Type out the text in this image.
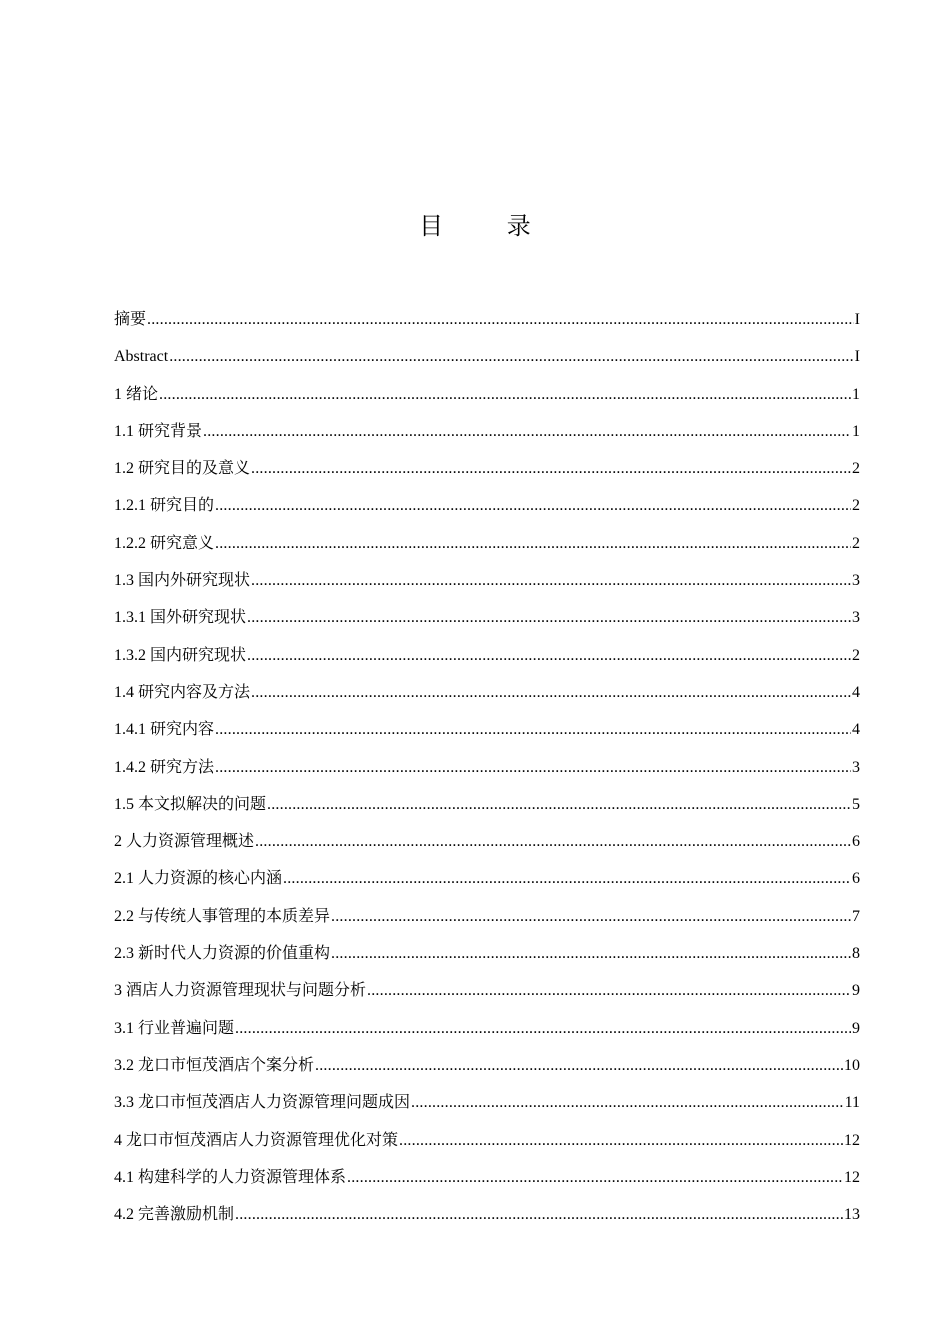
目 录
摘要 .....	I
Abstract .....	I
1 绪论 .....	1
1.1 研究背景 .....	1
1.2 研究目的及意义 .....	2
1.2.1 研究目的 .....	2
1.2.2 研究意义 .....	2
1.3 国内外研究现状 .....	3
1.3.1 国外研究现状 .....	3
1.3.2 国内研究现状 .....	2
1.4 研究内容及方法 .....	4
1.4.1 研究内容 .....	4
1.4.2 研究方法 .....	3
1.5 本文拟解决的问题 .....	5
2 人力资源管理概述 .....	6
2.1 人力资源的核心内涵 .....	6
2.2 与传统人事管理的本质差异 .....	7
2.3 新时代人力资源的价值重构 .....	8
3 酒店人力资源管理现状与问题分析 .....	9
3.1 行业普遍问题 .....	9
3.2 龙口市恒茂酒店个案分析 .....	10
3.3 龙口市恒茂酒店人力资源管理问题成因 .....	11
4 龙口市恒茂酒店人力资源管理优化对策 .....	12
4.1 构建科学的人力资源管理体系 .....	12
4.2 完善激励机制 .....	13
